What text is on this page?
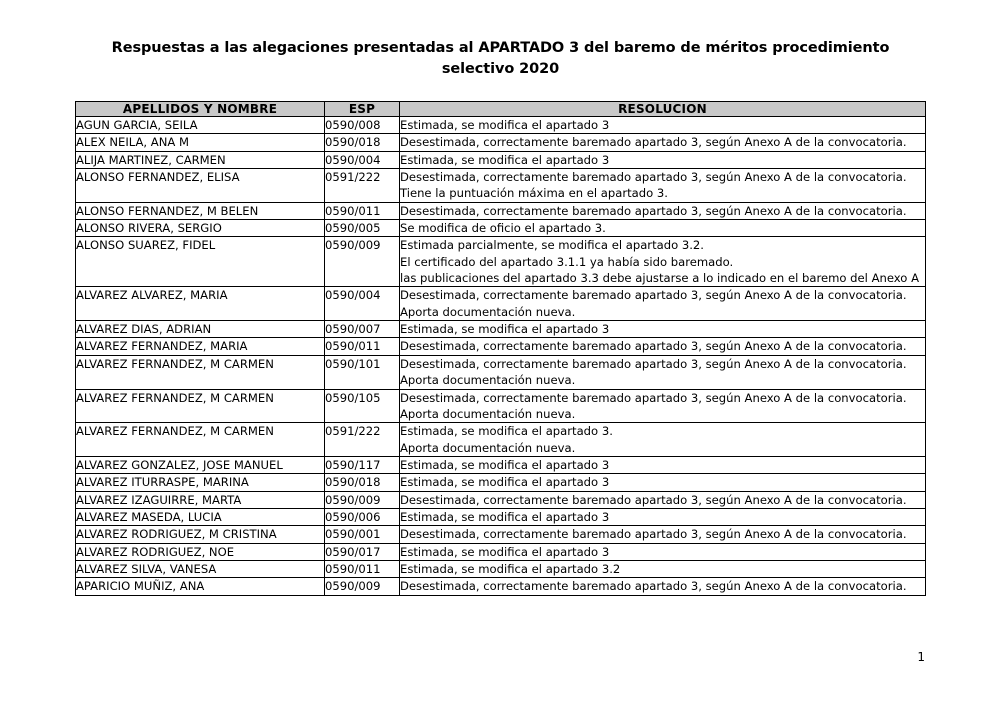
Respuestas a las alegaciones presentadas al APARTADO 3 del baremo de méritos procedimiento selectivo 2020
APELLIDOS Y NOMBRE	ESP	RESOLUCION
AGUN GARCIA, SEILA	0590/008	Estimada, se modifica el apartado 3

ALEX NEILA, ANA M	0590/018	Desestimada, correctamente baremado apartado 3, según Anexo A de la convocatoria.

ALIJA MARTINEZ, CARMEN	0590/004	Estimada, se modifica el apartado 3

ALONSO FERNANDEZ, ELISA	0591/222	Desestimada, correctamente baremado apartado 3, según Anexo A de la convocatoria.
Tiene la puntuación máxima en el apartado 3.

ALONSO FERNANDEZ, M BELEN	0590/011	Desestimada, correctamente baremado apartado 3, según Anexo A de la convocatoria.

ALONSO RIVERA, SERGIO	0590/005	Se modifica de oficio el apartado 3.

ALONSO SUAREZ, FIDEL	0590/009	Estimada parcialmente, se modifica el apartado 3.2.
El certificado del apartado 3.1.1 ya había sido baremado.
las publicaciones del apartado 3.3 debe ajustarse a lo indicado en el baremo del Anexo A

ALVAREZ ALVAREZ, MARIA	0590/004	Desestimada, correctamente baremado apartado 3, según Anexo A de la convocatoria.
Aporta documentación nueva.

ALVAREZ DIAS, ADRIAN	0590/007	Estimada, se modifica el apartado 3

ALVAREZ FERNANDEZ, MARIA	0590/011	Desestimada, correctamente baremado apartado 3, según Anexo A de la convocatoria.

ALVAREZ FERNANDEZ, M CARMEN	0590/101	Desestimada, correctamente baremado apartado 3, según Anexo A de la convocatoria.
Aporta documentación nueva.

ALVAREZ FERNANDEZ, M CARMEN	0590/105	Desestimada, correctamente baremado apartado 3, según Anexo A de la convocatoria.
Aporta documentación nueva.

ALVAREZ FERNANDEZ, M CARMEN	0591/222	Estimada, se modifica el apartado 3.
Aporta documentación nueva.

ALVAREZ GONZALEZ, JOSE MANUEL	0590/117	Estimada, se modifica el apartado 3

ALVAREZ ITURRASPE, MARINA	0590/018	Estimada, se modifica el apartado 3

ALVAREZ IZAGUIRRE, MARTA	0590/009	Desestimada, correctamente baremado apartado 3, según Anexo A de la convocatoria.

ALVAREZ MASEDA, LUCIA	0590/006	Estimada, se modifica el apartado 3

ALVAREZ RODRIGUEZ, M CRISTINA	0590/001	Desestimada, correctamente baremado apartado 3, según Anexo A de la convocatoria.

ALVAREZ RODRIGUEZ, NOE	0590/017	Estimada, se modifica el apartado 3

ALVAREZ SILVA, VANESA	0590/011	Estimada, se modifica el apartado 3.2

APARICIO MUÑIZ, ANA	0590/009	Desestimada, correctamente baremado apartado 3, según Anexo A de la convocatoria.
1
